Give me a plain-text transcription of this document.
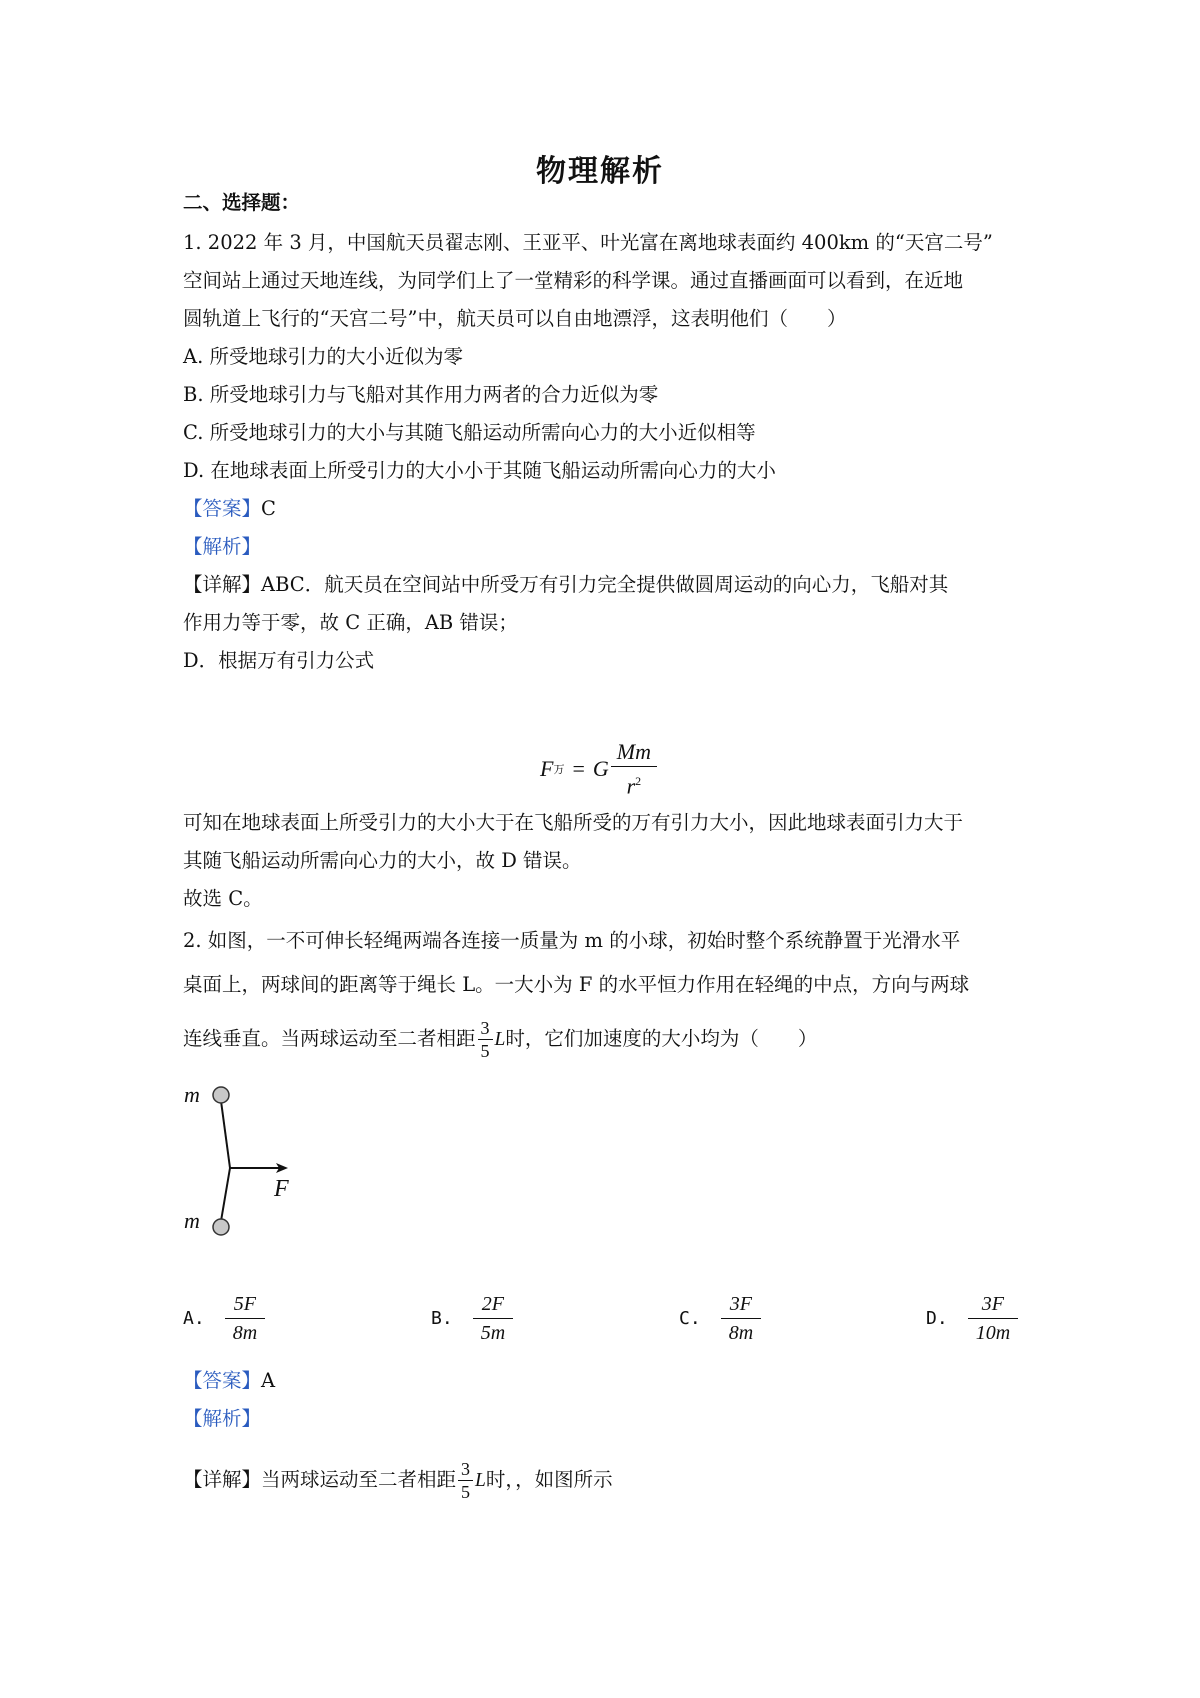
物理解析
二、选择题：
1. 2022 年 3 月，中国航天员翟志刚、王亚平、叶光富在离地球表面约 400km 的“天宫二号”
空间站上通过天地连线，为同学们上了一堂精彩的科学课。通过直播画面可以看到，在近地
圆轨道上飞行的“天宫二号”中，航天员可以自由地漂浮，这表明他们（　　）
A. 所受地球引力的大小近似为零
B. 所受地球引力与飞船对其作用力两者的合力近似为零
C. 所受地球引力的大小与其随飞船运动所需向心力的大小近似相等
D. 在地球表面上所受引力的大小小于其随飞船运动所需向心力的大小
【答案】C
【解析】
【详解】ABC．航天员在空间站中所受万有引力完全提供做圆周运动的向心力，飞船对其
作用力等于零，故 C 正确，AB 错误；
D．根据万有引力公式
F 万 = G $\frac{Mm}{r^2}$
可知在地球表面上所受引力的大小大于在飞船所受的万有引力大小，因此地球表面引力大于
其随飞船运动所需向心力的大小，故 D 错误。
故选 C。
2. 如图，一不可伸长轻绳两端各连接一质量为 m 的小球，初始时整个系统静置于光滑水平
桌面上，两球间的距离等于绳长 L。一大小为 F 的水平恒力作用在轻绳的中点，方向与两球
连线垂直。当两球运动至二者相距 $\frac{3}{5}$ L时，它们加速度的大小均为（　　）
m
m
F
A. $\frac{5F}{8m}$	B. $\frac{2F}{5m}$	C. $\frac{3F}{8m}$	D. $\frac{3F}{10m}$
【答案】A
【解析】
【详解】当两球运动至二者相距 $\frac{3}{5}$ L时，，如图所示
